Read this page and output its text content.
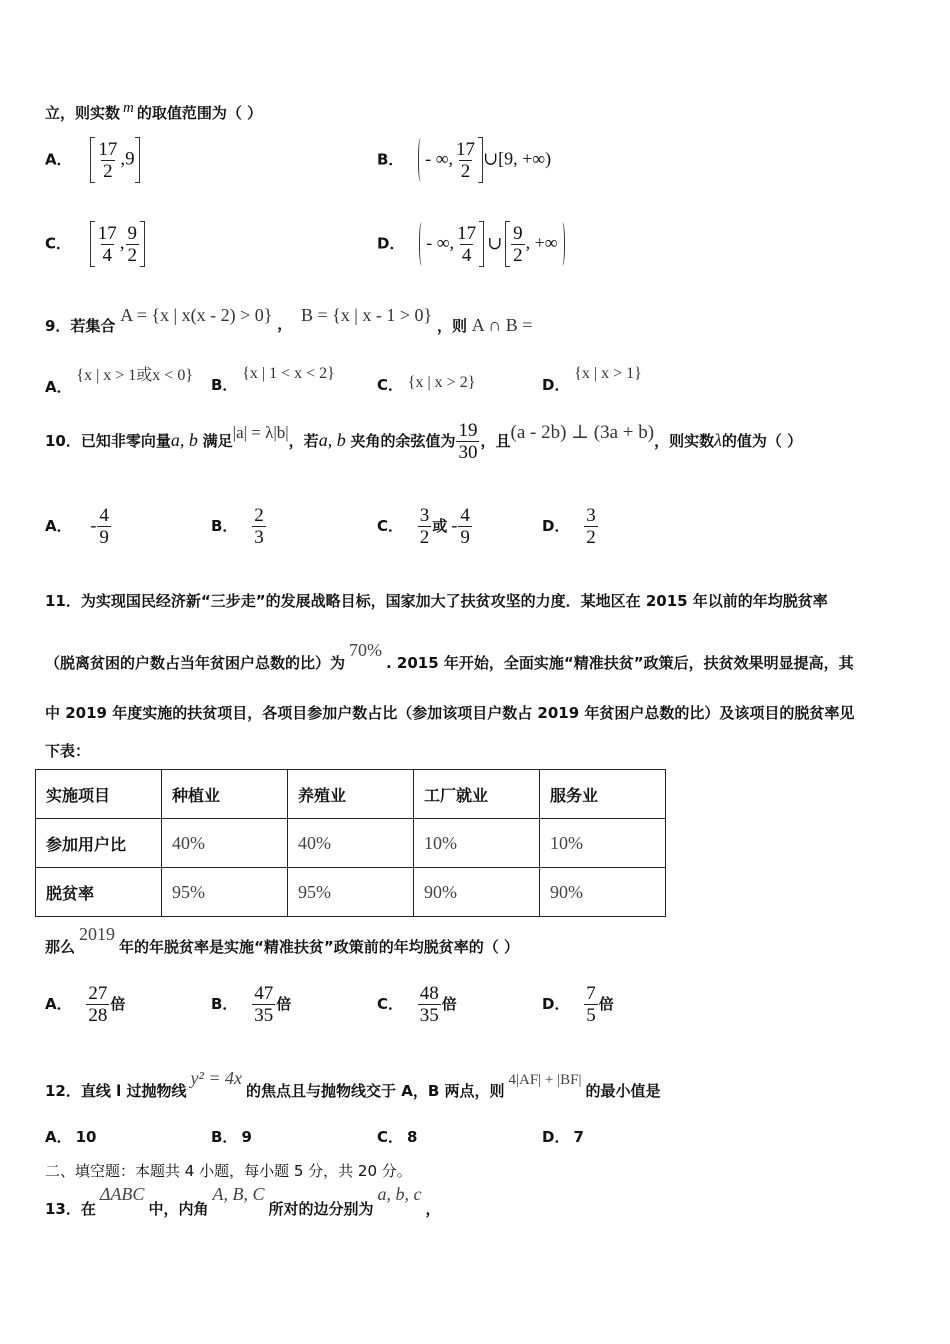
立，则实数 m 的取值范围为（ ）
A． $\frac{17}{2} ,9$	B． - ∞, $\frac{17}{2}$ ∪[9, +∞)
C． $\frac{17}{4}$ , $\frac{9}{2}$	D． - ∞, $\frac{17}{4}$ ∪ $\frac{9}{2}$ , +∞
9．若集合 A = {x | x(x - 2) > 0} ， B = {x | x - 1 > 0} ，则 A ∩ B =
A． {x | x > 1或x < 0}
B． {x | 1 < x < 2}
C． {x | x > 2}	D． {x | x > 1}
10．已知非零向量a, b 满足|a| = λ|b|，若a, b 夹角的余弦值为 $\frac{19}{30}$ ，且(a - 2b) ⊥ (3a + b)，则实数λ的值为（ ）
A． - $\frac{4}{9}$	B． $\frac{2}{3}$	C． $\frac{3}{2}$ 或 - $\frac{4}{9}$	D． $\frac{3}{2}$
11．为实现国民经济新“三步走”的发展战略目标，国家加大了扶贫攻坚的力度．某地区在 2015 年以前的年均脱贫率
（脱离贫困的户数占当年贫困户总数的比）为70%. 2015 年开始，全面实施“精准扶贫”政策后，扶贫效果明显提高，其
中 2019 年度实施的扶贫项目，各项目参加户数占比（参加该项目户数占 2019 年贫困户总数的比）及该项目的脱贫率见
下表：
实施项目	种植业	养殖业	工厂就业	服务业
参加用户比	40%	40%	10%	10%
脱贫率	95%	95%	90%	90%
那么2019年的年脱贫率是实施“精准扶贫”政策前的年均脱贫率的（ ）
A． $\frac{27}{28}$ 倍	B． $\frac{47}{35}$ 倍	C． $\frac{48}{35}$ 倍	D． $\frac{7}{5}$ 倍
12．直线 l 过抛物线y² = 4x的焦点且与抛物线交于 A，B 两点，则4|AF| + |BF|的最小值是
A． 10	B． 9	C． 8	D． 7
二、填空题：本题共 4 小题，每小题 5 分，共 20 分。
13．在ΔABC中，内角A, B, C所对的边分别为a, b, c，
